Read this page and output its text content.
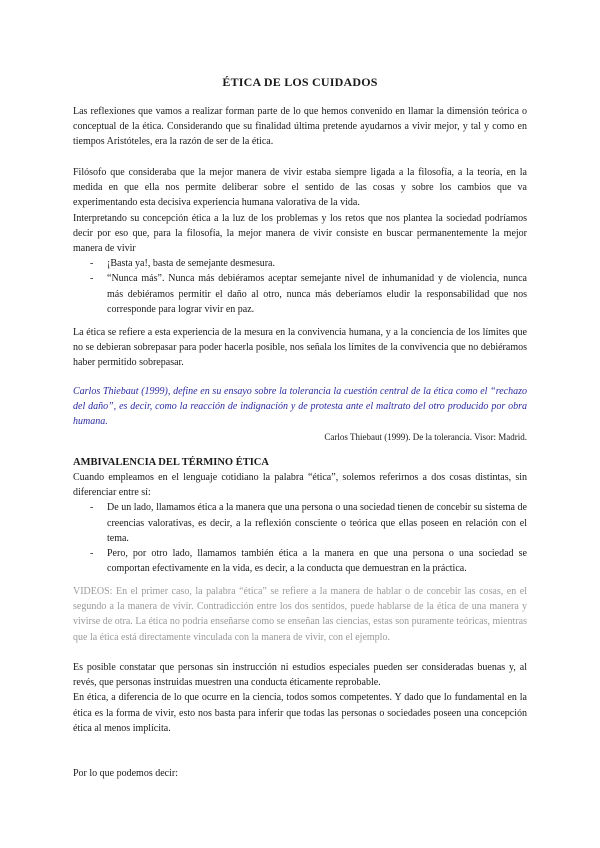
ÉTICA DE LOS CUIDADOS

Las reflexiones que vamos a realizar forman parte de lo que hemos convenido en llamar la dimensión teórica o conceptual de la ética. Considerando que su finalidad última pretende ayudarnos a vivir mejor, y tal y como en tiempos Aristóteles, era la razón de ser de la ética.

Filósofo que consideraba que la mejor manera de vivir estaba siempre ligada a la filosofía, a la teoría, en la medida en que ella nos permite deliberar sobre el sentido de las cosas y sobre los cambios que va experimentando esta decisiva experiencia humana valorativa de la vida.

Interpretando su concepción ética a la luz de los problemas y los retos que nos plantea la sociedad podríamos decir por eso que, para la filosofía, la mejor manera de vivir consiste en buscar permanentemente la mejor manera de vivir

- ¡Basta ya!, basta de semejante desmesura.
- “Nunca más”. Nunca más debiéramos aceptar semejante nivel de inhumanidad y de violencia, nunca más debiéramos permitir el daño al otro, nunca más deberíamos eludir la responsabilidad que nos corresponde para lograr vivir en paz.

La ética se refiere a esta experiencia de la mesura en la convivencia humana, y a la conciencia de los límites que no se debieran sobrepasar para poder hacerla posible, nos señala los límites de la convivencia que no debiéramos haber permitido sobrepasar.

Carlos Thiebaut (1999), define en su ensayo sobre la tolerancia la cuestión central de la ética como el “rechazo del daño”, es decir, como la reacción de indignación y de protesta ante el maltrato del otro producido por obra humana.

Carlos Thiebaut (1999). De la tolerancia. Visor: Madrid.

AMBIVALENCIA DEL TÉRMINO ÉTICA

Cuando empleamos en el lenguaje cotidiano la palabra “ética”, solemos referirnos a dos cosas distintas, sin diferenciar entre sí:

- De un lado, llamamos ética a la manera que una persona o una sociedad tienen de concebir su sistema de creencias valorativas, es decir, a la reflexión consciente o teórica que ellas poseen en relación con el tema.
- Pero, por otro lado, llamamos también ética a la manera en que una persona o una sociedad se comportan efectivamente en la vida, es decir, a la conducta que demuestran en la práctica.

VIDEOS: En el primer caso, la palabra “ética” se refiere a la manera de hablar o de concebir las cosas, en el segundo a la manera de vivir. Contradicción entre los dos sentidos, puede hablarse de la ética de una manera y vivirse de otra. La ética no podría enseñarse como se enseñan las ciencias, estas son puramente teóricas, mientras que la ética está directamente vinculada con la manera de vivir, con el ejemplo.

Es posible constatar que personas sin instrucción ni estudios especiales pueden ser consideradas buenas y, al revés, que personas instruidas muestren una conducta éticamente reprobable.

En ética, a diferencia de lo que ocurre en la ciencia, todos somos competentes. Y dado que lo fundamental en la ética es la forma de vivir, esto nos basta para inferir que todas las personas o sociedades poseen una concepción ética al menos implícita.

Por lo que podemos decir:
